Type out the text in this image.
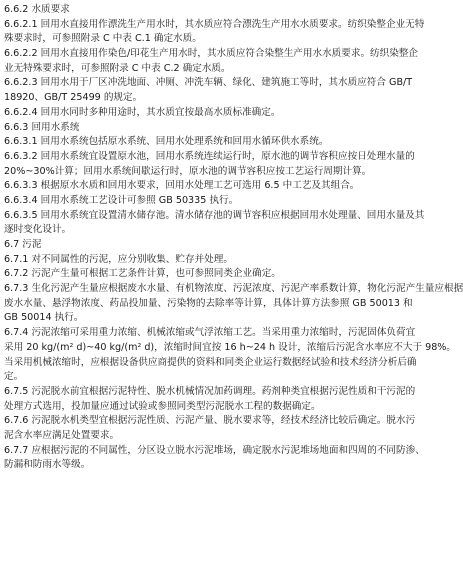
6.6.2 水质要求
6.6.2.1 回用水直接用作漂洗生产用水时，其水质应符合漂洗生产用水水质要求。纺织染整企业无特
殊要求时，可参照附录 C 中表 C.1 确定水质。
6.6.2.2 回用水直接用作染色/印花生产用水时，其水质应符合染整生产用水水质要求。纺织染整企
业无特殊要求时，可参照附录 C 中表 C.2 确定水质。
6.6.2.3 回用水用于厂区冲洗地面、冲厕、冲洗车辆、绿化、建筑施工等时，其水质应符合 GB/T
18920、GB/T 25499 的规定。
6.6.2.4 回用水同时多种用途时，其水质宜按最高水质标准确定。
6.6.3 回用水系统
6.6.3.1 回用水系统包括原水系统、回用水处理系统和回用水循环供水系统。
6.6.3.2 回用水系统宜设置原水池，回用水系统连续运行时，原水池的调节容积应按日处理水量的
20%~30%计算；回用水系统间歇运行时，原水池的调节容积应按工艺运行周期计算。
6.6.3.3 根据原水水质和回用水要求，回用水处理工艺可选用 6.5 中工艺及其组合。
6.6.3.4 回用水系统工艺设计可参照 GB 50335 执行。
6.6.3.5 回用水系统宜设置清水储存池。清水储存池的调节容积应根据回用水处理量、回用水量及其
逐时变化设计。
6.7 污泥
6.7.1 对不同属性的污泥，应分别收集、贮存并处理。
6.7.2 污泥产生量可根据工艺条件计算，也可参照同类企业确定。
6.7.3 生化污泥产生量应根据废水水量、有机物浓度、污泥浓度、污泥产率系数计算，物化污泥产生量应根据
废水水量、悬浮物浓度、药品投加量、污染物的去除率等计算，具体计算方法参照 GB 50013 和
GB 50014 执行。
6.7.4 污泥浓缩可采用重力浓缩、机械浓缩或气浮浓缩工艺。当采用重力浓缩时，污泥固体负荷宜
采用 20 kg/(m² d)~40 kg/(m² d)，浓缩时间宜按 16 h~24 h 设计，浓缩后污泥含水率应不大于 98%。
当采用机械浓缩时，应根据设备供应商提供的资料和同类企业运行数据经试验和技术经济分析后确
定。
6.7.5 污泥脱水前宜根据污泥特性、脱水机械情况加药调理。药剂种类宜根据污泥性质和干污泥的
处理方式选用，投加量应通过试验或参照同类型污泥脱水工程的数据确定。
6.7.6 污泥脱水机类型宜根据污泥性质、污泥产量、脱水要求等，经技术经济比较后确定。脱水污
泥含水率应满足处置要求。
6.7.7 应根据污泥的不同属性，分区设立脱水污泥堆场，确定脱水污泥堆场地面和四周的不同防渗、
防漏和防雨水等级。
